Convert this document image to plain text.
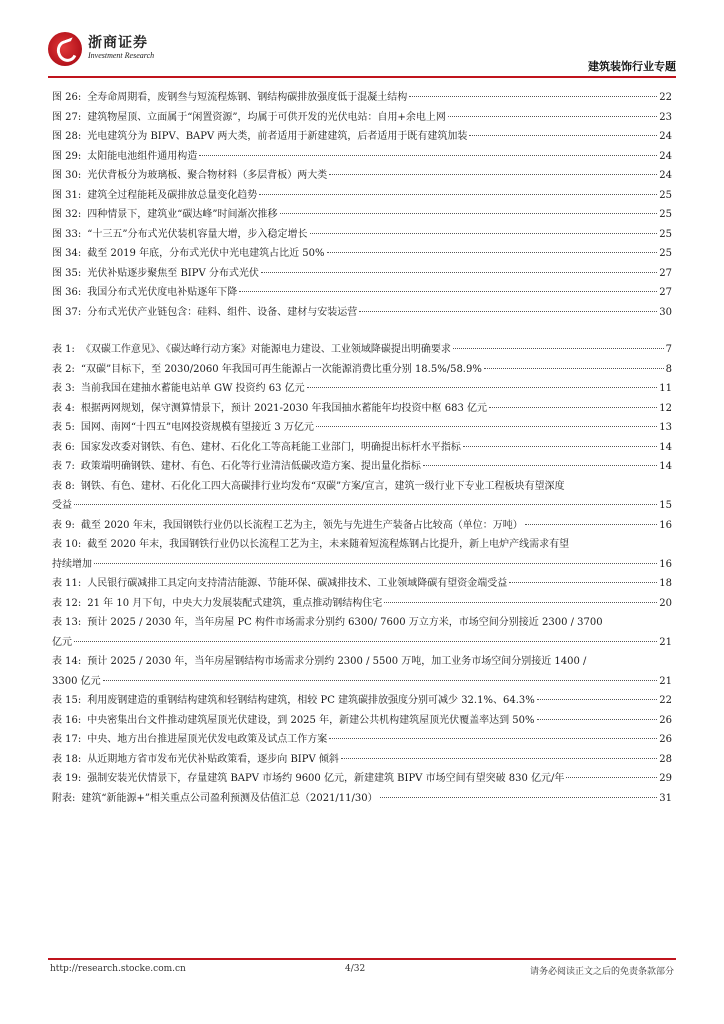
浙商证券
Investment Research
建筑装饰行业专题
图 26: 全寿命周期看，废钢叁与短流程炼钢、钢结构碳排放强度低于混凝土结构	22
图 27: 建筑物屋顶、立面属于“闲置资源”，均属于可供开发的光伏电站：自用+余电上网	23
图 28: 光电建筑分为 BIPV、BAPV 两大类，前者适用于新建建筑，后者适用于既有建筑加装	24
图 29: 太阳能电池组件通用构造	24
图 30: 光伏背板分为玻璃板、聚合物材料（多层背板）两大类	24
图 31: 建筑全过程能耗及碳排放总量变化趋势	25
图 32: 四种情景下，建筑业“碳达峰”时间渐次推移	25
图 33: “十三五”分布式光伏装机容量大增，步入稳定增长	25
图 34: 截至 2019 年底，分布式光伏中光电建筑占比近 50%	25
图 35: 光伏补贴逐步聚焦至 BIPV 分布式光伏	27
图 36: 我国分布式光伏度电补贴逐年下降	27
图 37: 分布式光伏产业链包含：硅料、组件、设备、建材与安装运营	30
表 1: 《双碳工作意见》、《碳达峰行动方案》对能源电力建设、工业领域降碳提出明确要求	7
表 2: “双碳”目标下，至 2030/2060 年我国可再生能源占一次能源消费比重分别 18.5%/58.9%	8
表 3: 当前我国在建抽水蓄能电站单 GW 投资约 63 亿元	11
表 4: 根据两网规划，保守测算情景下，预计 2021-2030 年我国抽水蓄能年均投资中枢 683 亿元	12
表 5: 国网、南网“十四五”电网投资规模有望接近 3 万亿元	13
表 6: 国家发改委对钢铁、有色、建材、石化化工等高耗能工业部门，明确提出标杆水平指标	14
表 7: 政策端明确钢铁、建材、有色、石化等行业清洁低碳改造方案、提出量化指标	14
表 8: 钢铁、有色、建材、石化化工四大高碳排行业均发布“双碳”方案/宣言，建筑一级行业下专业工程板块有望深度
受益	15
表 9: 截至 2020 年末，我国钢铁行业仍以长流程工艺为主，领先与先进生产装备占比较高（单位：万吨）	16
表 10: 截至 2020 年末，我国钢铁行业仍以长流程工艺为主，未来随着短流程炼钢占比提升，新上电炉产线需求有望
持续增加	16
表 11: 人民银行碳减排工具定向支持清洁能源、节能环保、碳减排技术、工业领域降碳有望资金端受益	18
表 12: 21 年 10 月下旬，中央大力发展装配式建筑，重点推动钢结构住宅	20
表 13: 预计 2025 / 2030 年，当年房屋 PC 构件市场需求分别约 6300/ 7600 万立方米，市场空间分别接近 2300 / 3700
亿元	21
表 14: 预计 2025 / 2030 年，当年房屋钢结构市场需求分别约 2300 / 5500 万吨，加工业务市场空间分别接近 1400 /
3300 亿元	21
表 15: 利用废钢建造的重钢结构建筑和轻钢结构建筑，相较 PC 建筑碳排放强度分别可减少 32.1%、64.3%	22
表 16: 中央密集出台文件推动建筑屋顶光伏建设，到 2025 年，新建公共机构建筑屋顶光伏覆盖率达到 50%	26
表 17: 中央、地方出台推进屋顶光伏发电政策及试点工作方案	26
表 18: 从近期地方省市发布光伏补贴政策看，逐步向 BIPV 倾斜	28
表 19: 强制安装光伏情景下，存量建筑 BAPV 市场约 9600 亿元，新建建筑 BIPV 市场空间有望突破 830 亿元/年	29
附表: 建筑“新能源+”相关重点公司盈利预测及估值汇总（2021/11/30）	31
http://research.stocke.com.cn	4/32	请务必阅读正文之后的免责条款部分
